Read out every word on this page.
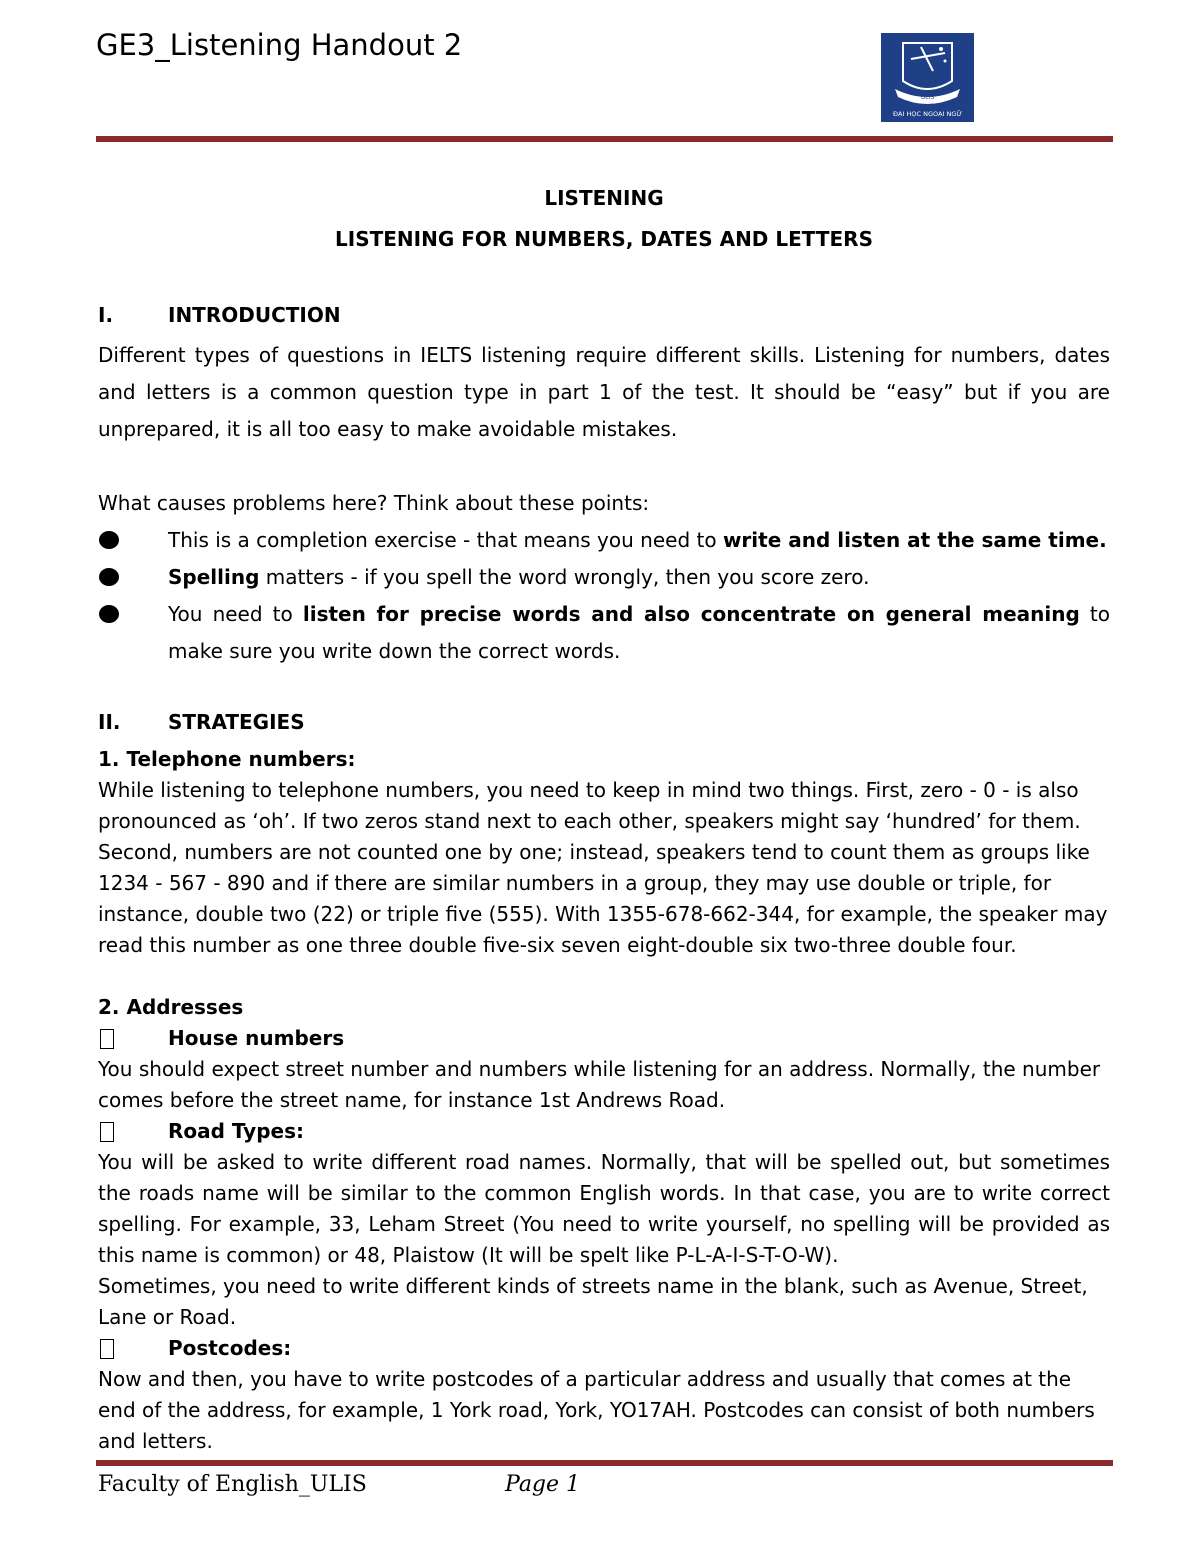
GE3_Listening Handout 2
ULIS
ĐẠI HỌC NGOẠI NGỮ
LISTENING
LISTENING FOR NUMBERS, DATES AND LETTERS
I.	INTRODUCTION

Different types of questions in IELTS listening require different skills. Listening for numbers, dates and letters is a common question type in part 1 of the test. It should be “easy” but if you are unprepared, it is all too easy to make avoidable mistakes.

What causes problems here? Think about these points:

This is a completion exercise - that means you need to write and listen at the same time.
Spelling matters - if you spell the word wrongly, then you score zero.
You need to listen for precise words and also concentrate on general meaning to make sure you write down the correct words.
II.	STRATEGIES

1. Telephone numbers:

While listening to telephone numbers, you need to keep in mind two things. First, zero - 0 - is also pronounced as ‘oh’. If two zeros stand next to each other, speakers might say ‘hundred’ for them. Second, numbers are not counted one by one; instead, speakers tend to count them as groups like 1234 - 567 - 890 and if there are similar numbers in a group, they may use double or triple, for instance, double two (22) or triple five (555). With 1355-678-662-344, for example, the speaker may read this number as one three double five-six seven eight-double six two-three double four.

2. Addresses

House numbers

You should expect street number and numbers while listening for an address. Normally, the number comes before the street name, for instance 1st Andrews Road.

Road Types:

You will be asked to write different road names. Normally, that will be spelled out, but sometimes the roads name will be similar to the common English words. In that case, you are to write correct spelling. For example, 33, Leham Street (You need to write yourself, no spelling will be provided as this name is common) or 48, Plaistow (It will be spelt like P-L-A-I-S-T-O-W).

Sometimes, you need to write different kinds of streets name in the blank, such as Avenue, Street, Lane or Road.

Postcodes:

Now and then, you have to write postcodes of a particular address and usually that comes at the end of the address, for example, 1 York road, York, YO17AH. Postcodes can consist of both numbers and letters.

Faculty of English_ULIS	Page 1
